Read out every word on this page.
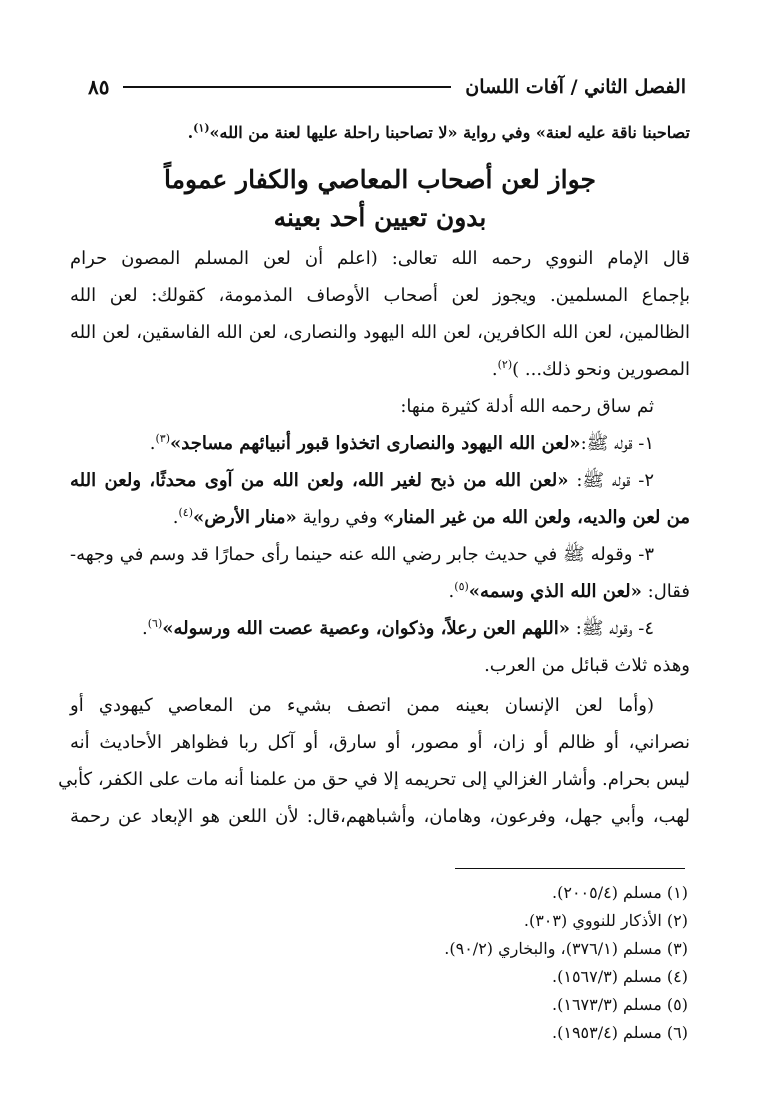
الفصل الثاني / آفات اللسان
٨٥
تصاحبنا ناقة عليه لعنة» وفي رواية «لا تصاحبنا راحلة عليها لعنة من الله»$^{(١)}$.
جواز لعن أصحاب المعاصي والكفار عموماً
بدون تعيين أحد بعينه
قال الإمام النووي رحمه الله تعالى: (اعلم أن لعن المسلم المصون حرام
بإجماع المسلمين. ويجوز لعن أصحاب الأوصاف المذمومة، كقولك: لعن الله
الظالمين، لعن الله الكافرين، لعن الله اليهود والنصارى، لعن الله الفاسقين، لعن الله
المصورين ونحو ذلك... )$^{(٢)}$.
ثم ساق رحمه الله أدلة كثيرة منها:
١- قوله ﷺ:«لعن الله اليهود والنصارى اتخذوا قبور أنبيائهم مساجد»$^{(٣)}$.
٢- قوله ﷺ: «لعن الله من ذبح لغير الله، ولعن الله من آوى محدثًا، ولعن الله
من لعن والديه، ولعن الله من غير المنار» وفي رواية «منار الأرض»$^{(٤)}$.
٣- وقوله ﷺ في حديث جابر رضي الله عنه حينما رأى حمارًا قد وسم في وجهه-
فقال: «لعن الله الذي وسمه»$^{(٥)}$.
٤- وقوله ﷺ: «اللهم العن رعلاً، وذكوان، وعصية عصت الله ورسوله»$^{(٦)}$.
وهذه ثلاث قبائل من العرب.
(وأما لعن الإنسان بعينه ممن اتصف بشيء من المعاصي كيهودي أو
نصراني، أو ظالم أو زان، أو مصور، أو سارق، أو آكل ربا فظواهر الأحاديث أنه
ليس بحرام. وأشار الغزالي إلى تحريمه إلا في حق من علمنا أنه مات على الكفر، كأبي
لهب، وأبي جهل، وفرعون، وهامان، وأشباههم،قال: لأن اللعن هو الإبعاد عن رحمة
(١) مسلم (٢٠٠٥/٤).
(٢) الأذكار للنووي (٣٠٣).
(٣) مسلم (٣٧٦/١)، والبخاري (٩٠/٢).
(٤) مسلم (١٥٦٧/٣).
(٥) مسلم (١٦٧٣/٣).
(٦) مسلم (١٩٥٣/٤).
